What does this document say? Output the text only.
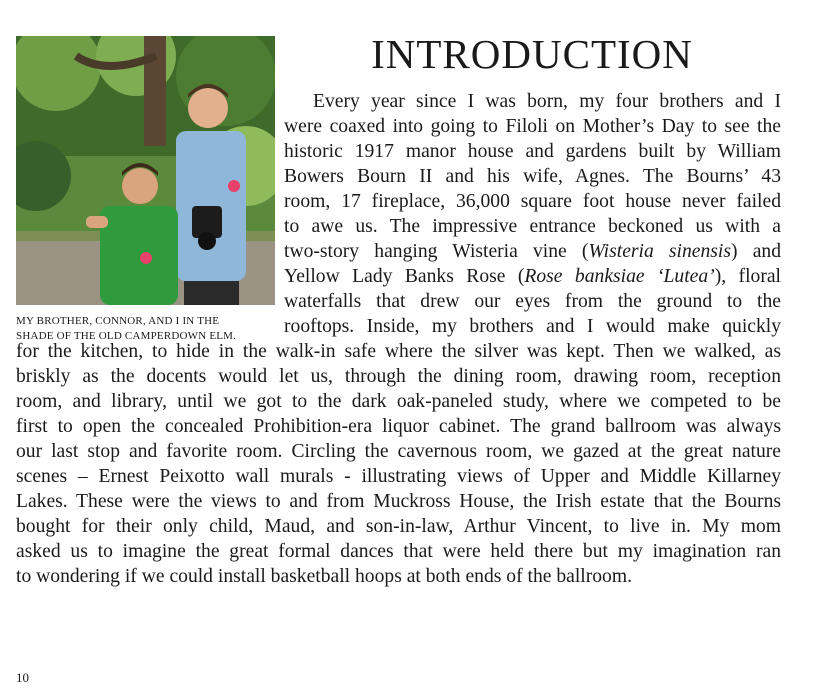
MY BROTHER, CONNOR, AND I IN THE
SHADE OF THE OLD CAMPERDOWN ELM.
INTRODUCTION
Every year since I was born, my four brothers and I
were coaxed into going to Filoli on Mother’s Day to see the
historic 1917 manor house and gardens built by William
Bowers Bourn II and his wife, Agnes. The Bourns’ 43
room, 17 fireplace, 36,000 square foot house never failed
to awe us. The impressive entrance beckoned us with a
two-story hanging Wisteria vine (Wisteria sinensis) and
Yellow Lady Banks Rose (Rose banksiae ‘Lutea’), floral
waterfalls that drew our eyes from the ground to the
rooftops. Inside, my brothers and I would make quickly
for the kitchen, to hide in the walk-in safe where the silver was kept. Then we walked, as
briskly as the docents would let us, through the dining room, drawing room, reception
room, and library, until we got to the dark oak-paneled study, where we competed to be
first to open the concealed Prohibition-era liquor cabinet. The grand ballroom was always
our last stop and favorite room. Circling the cavernous room, we gazed at the great nature
scenes – Ernest Peixotto wall murals - illustrating views of Upper and Middle Killarney
Lakes. These were the views to and from Muckross House, the Irish estate that the Bourns
bought for their only child, Maud, and son-in-law, Arthur Vincent, to live in. My mom
asked us to imagine the great formal dances that were held there but my imagination ran
to wondering if we could install basketball hoops at both ends of the ballroom.
10
